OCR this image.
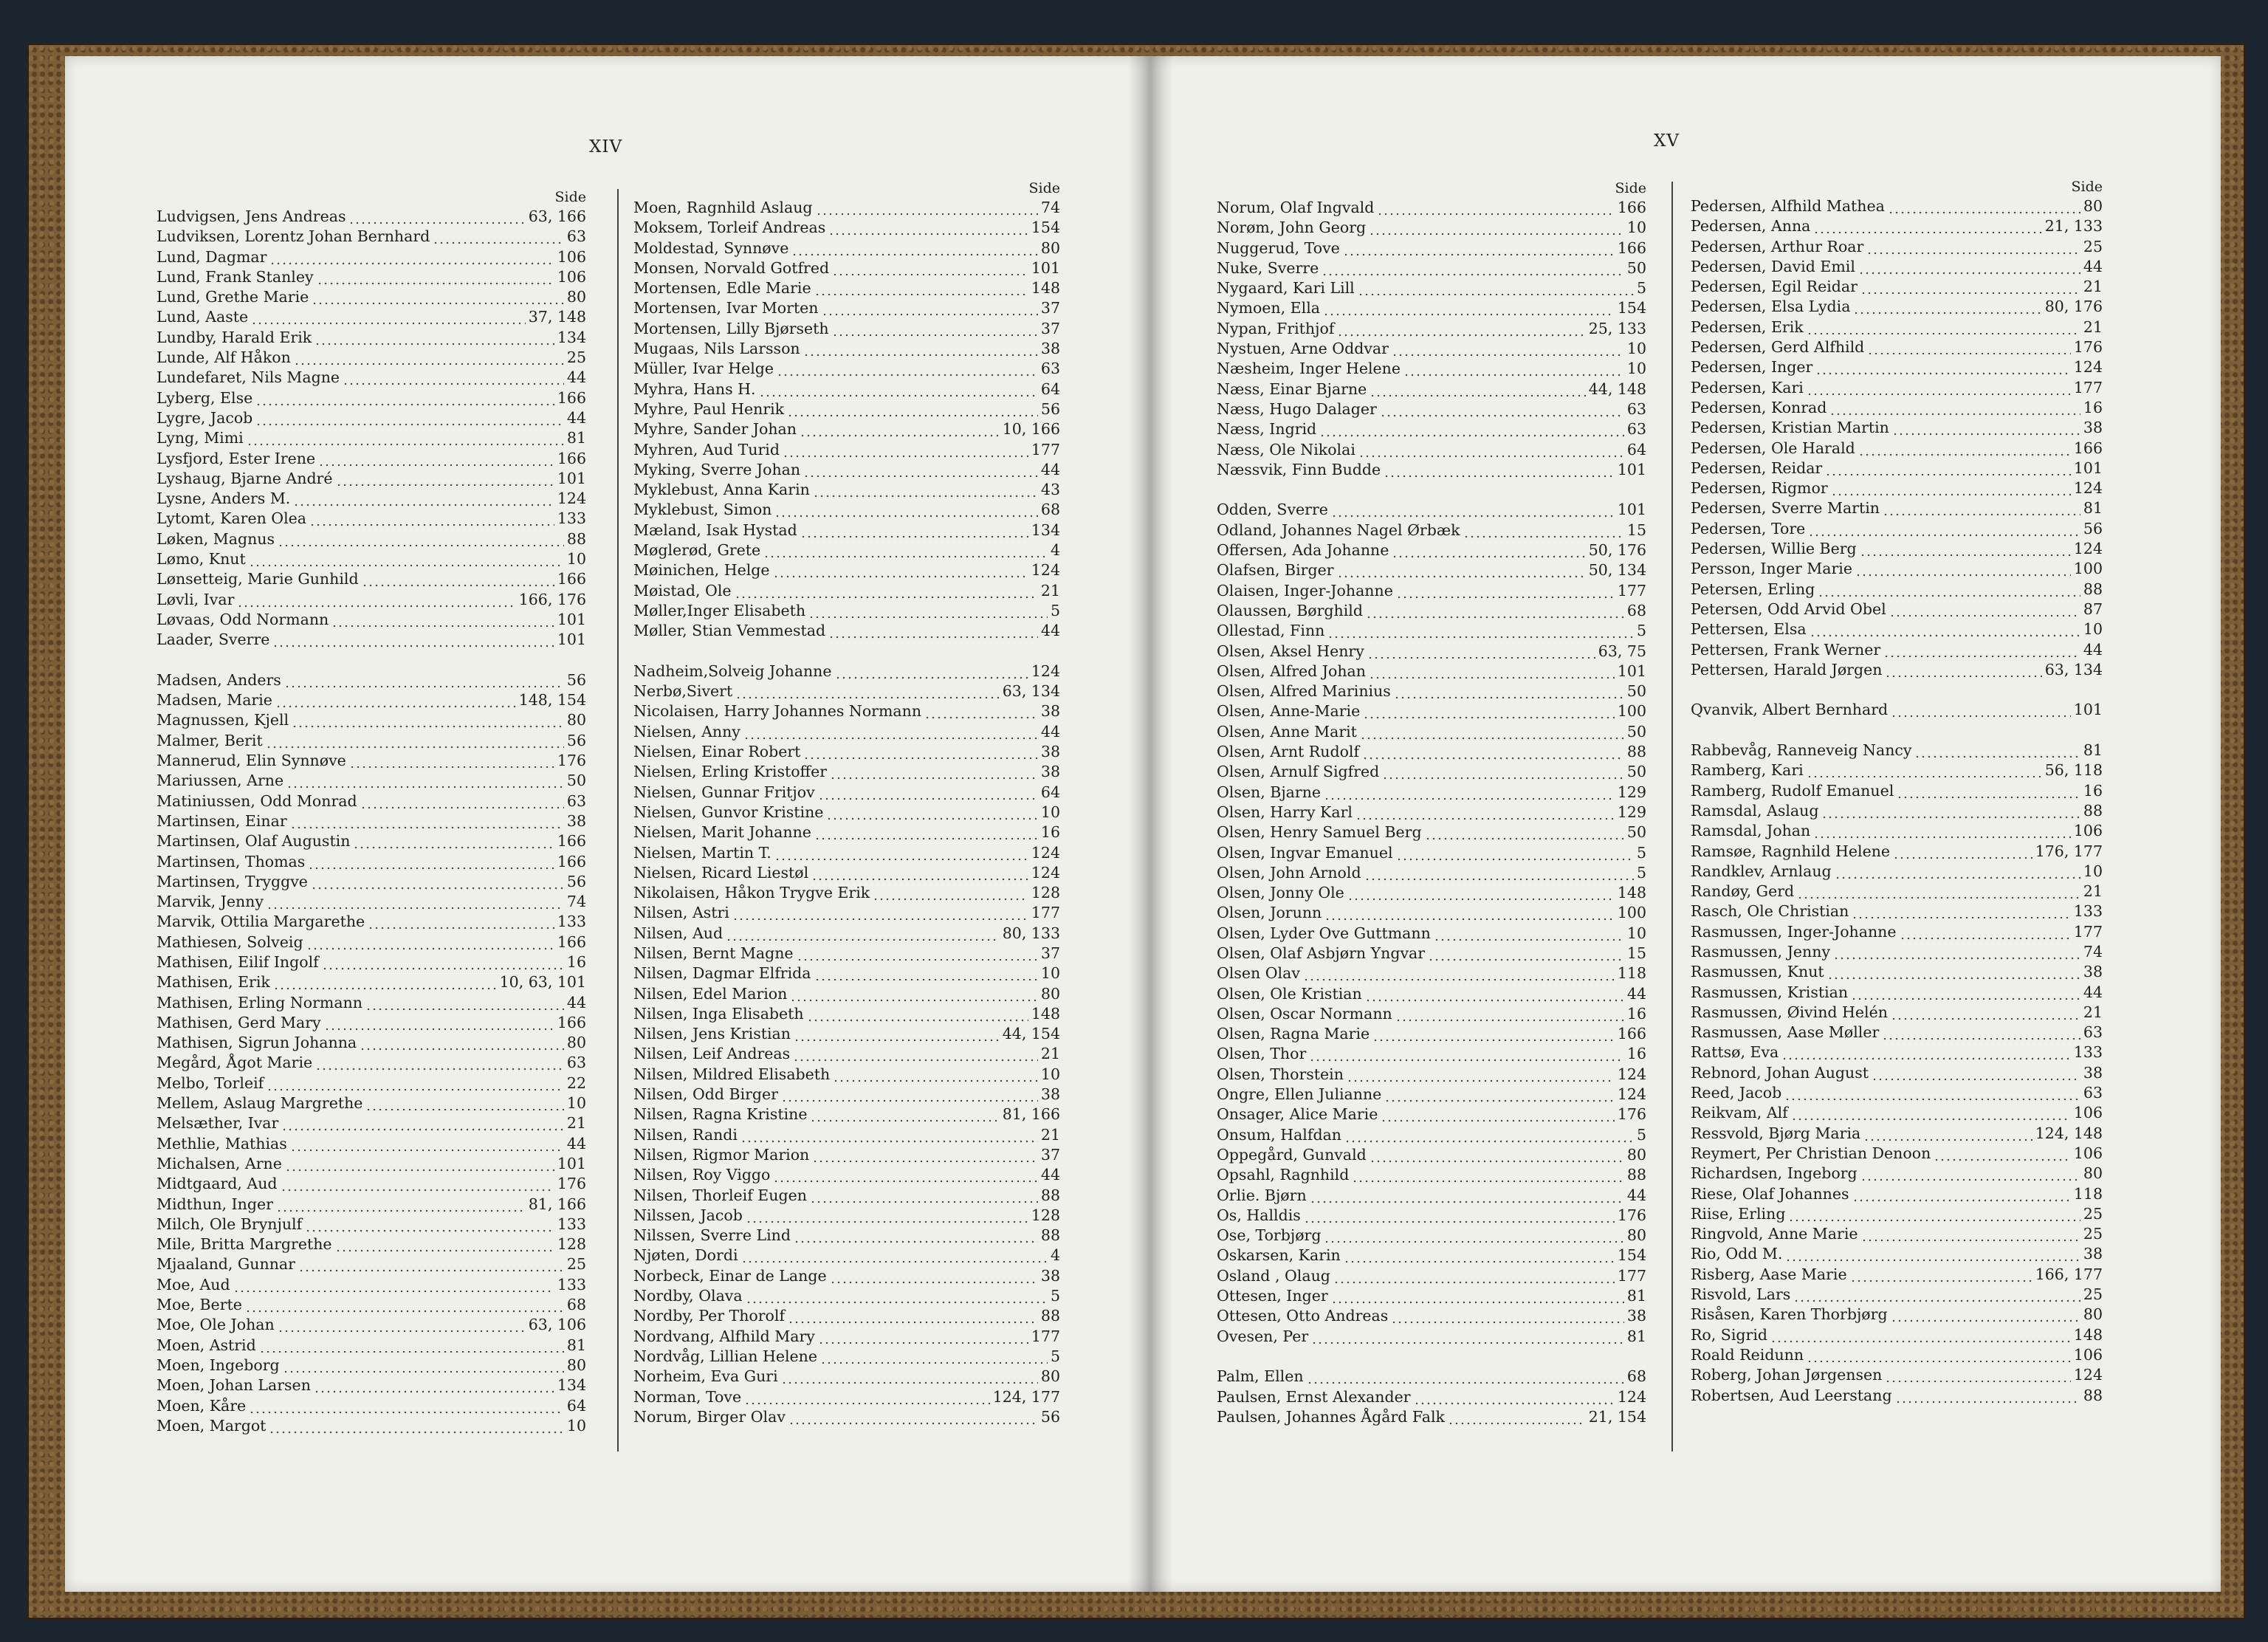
XIV	XV
Side
Ludvigsen, Jens Andreas	63, 166
Ludviksen, Lorentz Johan Bernhard	63
Lund, Dagmar	106
Lund, Frank Stanley	106
Lund, Grethe Marie	80
Lund, Aaste	37, 148
Lundby, Harald Erik	134
Lunde, Alf Håkon	25
Lundefaret, Nils Magne	44
Lyberg, Else	166
Lygre, Jacob	44
Lyng, Mimi	81
Lysfjord, Ester Irene	166
Lyshaug, Bjarne André	101
Lysne, Anders M.	124
Lytomt, Karen Olea	133
Løken, Magnus	88
Lømo, Knut	10
Lønsetteig, Marie Gunhild	166
Løvli, Ivar	166, 176
Løvaas, Odd Normann	101
Laader, Sverre	101
Madsen, Anders	56
Madsen, Marie	148, 154
Magnussen, Kjell	80
Malmer, Berit	56
Mannerud, Elin Synnøve	176
Mariussen, Arne	50
Matiniussen, Odd Monrad	63
Martinsen, Einar	38
Martinsen, Olaf Augustin	166
Martinsen, Thomas	166
Martinsen, Tryggve	56
Marvik, Jenny	74
Marvik, Ottilia Margarethe	133
Mathiesen, Solveig	166
Mathisen, Eilif Ingolf	16
Mathisen, Erik	10, 63, 101
Mathisen, Erling Normann	44
Mathisen, Gerd Mary	166
Mathisen, Sigrun Johanna	80
Megård, Ågot Marie	63
Melbo, Torleif	22
Mellem, Aslaug Margrethe	10
Melsæther, Ivar	21
Methlie, Mathias	44
Michalsen, Arne	101
Midtgaard, Aud	176
Midthun, Inger	81, 166
Milch, Ole Brynjulf	133
Mile, Britta Margrethe	128
Mjaaland, Gunnar	25
Moe, Aud	133
Moe, Berte	68
Moe, Ole Johan	63, 106
Moen, Astrid	81
Moen, Ingeborg	80
Moen, Johan Larsen	134
Moen, Kåre	64
Moen, Margot	10
Side
Moen, Ragnhild Aslaug	74
Moksem, Torleif Andreas	154
Moldestad, Synnøve	80
Monsen, Norvald Gotfred	101
Mortensen, Edle Marie	148
Mortensen, Ivar Morten	37
Mortensen, Lilly Bjørseth	37
Mugaas, Nils Larsson	38
Müller, Ivar Helge	63
Myhra, Hans H.	64
Myhre, Paul Henrik	56
Myhre, Sander Johan	10, 166
Myhren, Aud Turid	177
Myking, Sverre Johan	44
Myklebust, Anna Karin	43
Myklebust, Simon	68
Mæland, Isak Hystad	134
Møglerød, Grete	4
Møinichen, Helge	124
Møistad, Ole	21
Møller,Inger Elisabeth	5
Møller, Stian Vemmestad	44
Nadheim,Solveig Johanne	124
Nerbø,Sivert	63, 134
Nicolaisen, Harry Johannes Normann	38
Nielsen, Anny	44
Nielsen, Einar Robert	38
Nielsen, Erling Kristoffer	38
Nielsen, Gunnar Fritjov	64
Nielsen, Gunvor Kristine	10
Nielsen, Marit Johanne	16
Nielsen, Martin T.	124
Nielsen, Ricard Liestøl	124
Nikolaisen, Håkon Trygve Erik	128
Nilsen, Astri	177
Nilsen, Aud	80, 133
Nilsen, Bernt Magne	37
Nilsen, Dagmar Elfrida	10
Nilsen, Edel Marion	80
Nilsen, Inga Elisabeth	148
Nilsen, Jens Kristian	44, 154
Nilsen, Leif Andreas	21
Nilsen, Mildred Elisabeth	10
Nilsen, Odd Birger	38
Nilsen, Ragna Kristine	81, 166
Nilsen, Randi	21
Nilsen, Rigmor Marion	37
Nilsen, Roy Viggo	44
Nilsen, Thorleif Eugen	88
Nilssen, Jacob	128
Nilssen, Sverre Lind	88
Njøten, Dordi	4
Norbeck, Einar de Lange	38
Nordby, Olava	5
Nordby, Per Thorolf	88
Nordvang, Alfhild Mary	177
Nordvåg, Lillian Helene	5
Norheim, Eva Guri	80
Norman, Tove	124, 177
Norum, Birger Olav	56
Side
Norum, Olaf Ingvald	166
Norøm, John Georg	10
Nuggerud, Tove	166
Nuke, Sverre	50
Nygaard, Kari Lill	5
Nymoen, Ella	154
Nypan, Frithjof	25, 133
Nystuen, Arne Oddvar	10
Næsheim, Inger Helene	10
Næss, Einar Bjarne	44, 148
Næss, Hugo Dalager	63
Næss, Ingrid	63
Næss, Ole Nikolai	64
Næssvik, Finn Budde	101
Odden, Sverre	101
Odland, Johannes Nagel Ørbæk	15
Offersen, Ada Johanne	50, 176
Olafsen, Birger	50, 134
Olaisen, Inger-Johanne	177
Olaussen, Børghild	68
Ollestad, Finn	5
Olsen, Aksel Henry	63, 75
Olsen, Alfred Johan	101
Olsen, Alfred Marinius	50
Olsen, Anne-Marie	100
Olsen, Anne Marit	50
Olsen, Arnt Rudolf	88
Olsen, Arnulf Sigfred	50
Olsen, Bjarne	129
Olsen, Harry Karl	129
Olsen, Henry Samuel Berg	50
Olsen, Ingvar Emanuel	5
Olsen, John Arnold	5
Olsen, Jonny Ole	148
Olsen, Jorunn	100
Olsen, Lyder Ove Guttmann	10
Olsen, Olaf Asbjørn Yngvar	15
Olsen Olav	118
Olsen, Ole Kristian	44
Olsen, Oscar Normann	16
Olsen, Ragna Marie	166
Olsen, Thor	16
Olsen, Thorstein	124
Ongre, Ellen Julianne	124
Onsager, Alice Marie	176
Onsum, Halfdan	5
Oppegård, Gunvald	80
Opsahl, Ragnhild	88
Orlie. Bjørn	44
Os, Halldis	176
Ose, Torbjørg	80
Oskarsen, Karin	154
Osland , Olaug	177
Ottesen, Inger	81
Ottesen, Otto Andreas	38
Ovesen, Per	81
Palm, Ellen	68
Paulsen, Ernst Alexander	124
Paulsen, Johannes Ågård Falk	21, 154
Side
Pedersen, Alfhild Mathea	80
Pedersen, Anna	21, 133
Pedersen, Arthur Roar	25
Pedersen, David Emil	44
Pedersen, Egil Reidar	21
Pedersen, Elsa Lydia	80, 176
Pedersen, Erik	21
Pedersen, Gerd Alfhild	176
Pedersen, Inger	124
Pedersen, Kari	177
Pedersen, Konrad	16
Pedersen, Kristian Martin	38
Pedersen, Ole Harald	166
Pedersen, Reidar	101
Pedersen, Rigmor	124
Pedersen, Sverre Martin	81
Pedersen, Tore	56
Pedersen, Willie Berg	124
Persson, Inger Marie	100
Petersen, Erling	88
Petersen, Odd Arvid Obel	87
Pettersen, Elsa	10
Pettersen, Frank Werner	44
Pettersen, Harald Jørgen	63, 134
Qvanvik, Albert Bernhard	101
Rabbevåg, Ranneveig Nancy	81
Ramberg, Kari	56, 118
Ramberg, Rudolf Emanuel	16
Ramsdal, Aslaug	88
Ramsdal, Johan	106
Ramsøe, Ragnhild Helene	176, 177
Randklev, Arnlaug	10
Randøy, Gerd	21
Rasch, Ole Christian	133
Rasmussen, Inger-Johanne	177
Rasmussen, Jenny	74
Rasmussen, Knut	38
Rasmussen, Kristian	44
Rasmussen, Øivind Helén	21
Rasmussen, Aase Møller	63
Rattsø, Eva	133
Rebnord, Johan August	38
Reed, Jacob	63
Reikvam, Alf	106
Ressvold, Bjørg Maria	124, 148
Reymert, Per Christian Denoon	106
Richardsen, Ingeborg	80
Riese, Olaf Johannes	118
Riise, Erling	25
Ringvold, Anne Marie	25
Rio, Odd M.	38
Risberg, Aase Marie	166, 177
Risvold, Lars	25
Risåsen, Karen Thorbjørg	80
Ro, Sigrid	148
Roald Reidunn	106
Roberg, Johan Jørgensen	124
Robertsen, Aud Leerstang	88
